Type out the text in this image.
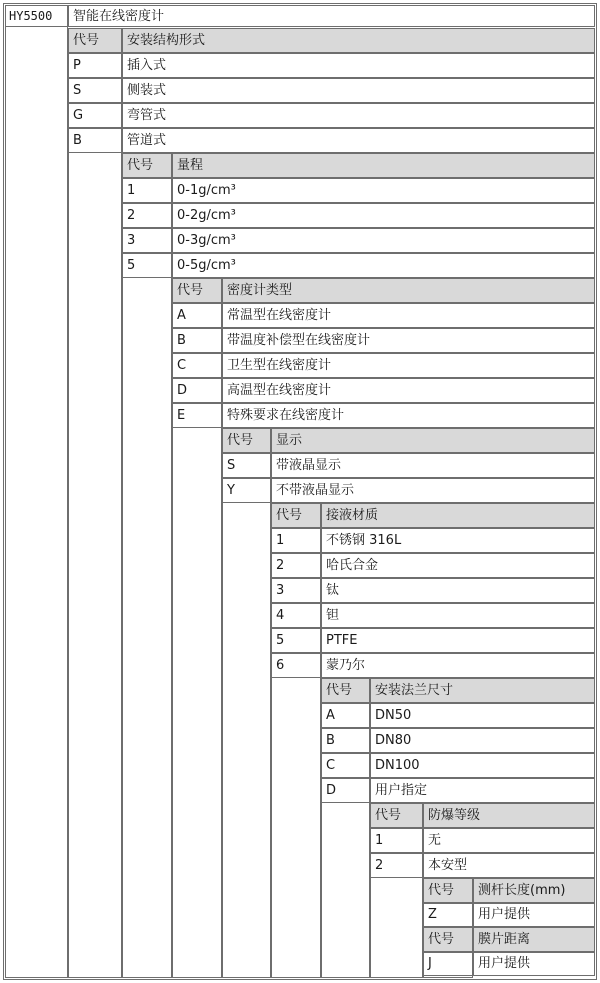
HY5500	智能在线密度计
代号	安装结构形式
P	插入式
S	侧装式
G	弯管式
B	管道式
代号	量程
1	0-1g/cm³
2	0-2g/cm³
3	0-3g/cm³
5	0-5g/cm³
代号	密度计类型
A	常温型在线密度计
B	带温度补偿型在线密度计
C	卫生型在线密度计
D	高温型在线密度计
E	特殊要求在线密度计
代号	显示
S	带液晶显示
Y	不带液晶显示
代号	接液材质
1	不锈钢 316L
2	哈氏合金
3	钛
4	钽
5	PTFE
6	蒙乃尔
代号	安装法兰尺寸
A	DN50
B	DN80
C	DN100
D	用户指定
代号	防爆等级
1	无
2	本安型
代号	测杆长度(mm)
Z	用户提供
代号	膜片距离
J	用户提供
